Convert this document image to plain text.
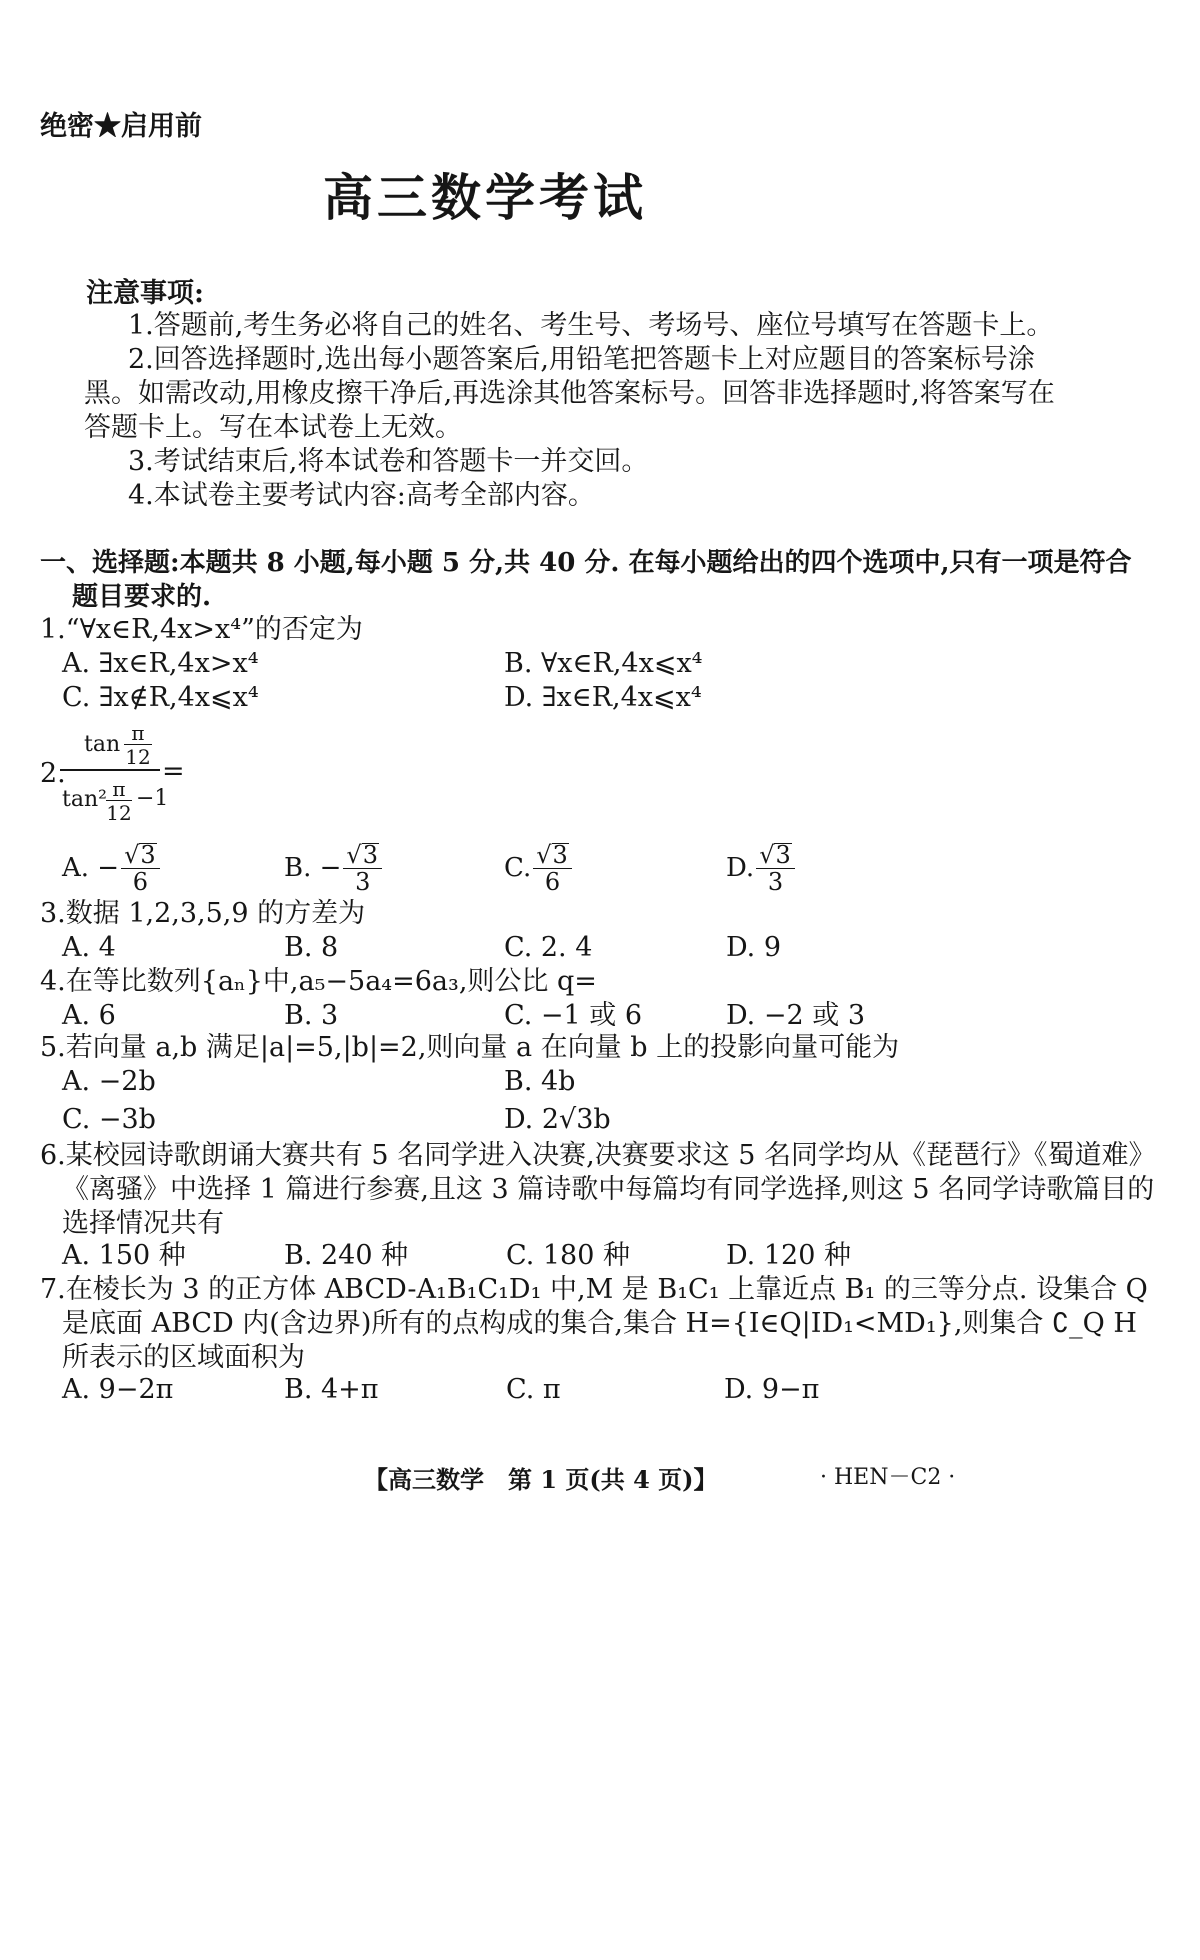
绝密★启用前
高三数学考试
注意事项:
1.答题前,考生务必将自己的姓名、考生号、考场号、座位号填写在答题卡上。
2.回答选择题时,选出每小题答案后,用铅笔把答题卡上对应题目的答案标号涂
黑。如需改动,用橡皮擦干净后,再选涂其他答案标号。回答非选择题时,将答案写在
答题卡上。写在本试卷上无效。
3.考试结束后,将本试卷和答题卡一并交回。
4.本试卷主要考试内容:高考全部内容。
一、选择题:本题共 8 小题,每小题 5 分,共 40 分. 在每小题给出的四个选项中,只有一项是符合
题目要求的.
1.“∀x∈R,4x>x⁴”的否定为
A. ∃x∈R,4x>x⁴	B. ∀x∈R,4x⩽x⁴
C. ∃x∉R,4x⩽x⁴	D. ∃x∈R,4x⩽x⁴
2.
tan π
12
tan² π
12
−1
=
A. − $\frac{√3}{6}$	B. − $\frac{√3}{3}$	C. $\frac{√3}{6}$	D. $\frac{√3}{3}$
3.数据 1,2,3,5,9 的方差为
A. 4	B. 8	C. 2. 4	D. 9
4.在等比数列{aₙ}中,a₅−5a₄=6a₃,则公比 q=
A. 6	B. 3	C. −1 或 6	D. −2 或 3
5.若向量 a,b 满足|a|=5,|b|=2,则向量 a 在向量 b 上的投影向量可能为
A. −2b	B. 4b
C. −3b	D. 2√3b
6.某校园诗歌朗诵大赛共有 5 名同学进入决赛,决赛要求这 5 名同学均从《琵琶行》《蜀道难》
《离骚》中选择 1 篇进行参赛,且这 3 篇诗歌中每篇均有同学选择,则这 5 名同学诗歌篇目的
选择情况共有
A. 150 种	B. 240 种	C. 180 种	D. 120 种
7.在棱长为 3 的正方体 ABCD-A₁B₁C₁D₁ 中,M 是 B₁C₁ 上靠近点 B₁ 的三等分点. 设集合 Q
是底面 ABCD 内(含边界)所有的点构成的集合,集合 H={I∈Q|ID₁<MD₁},则集合 ∁_Q H
所表示的区域面积为
A. 9−2π	B. 4+π	C. π	D. 9−π
【高三数学　第 1 页(共 4 页)】	· HEN－C2 ·
